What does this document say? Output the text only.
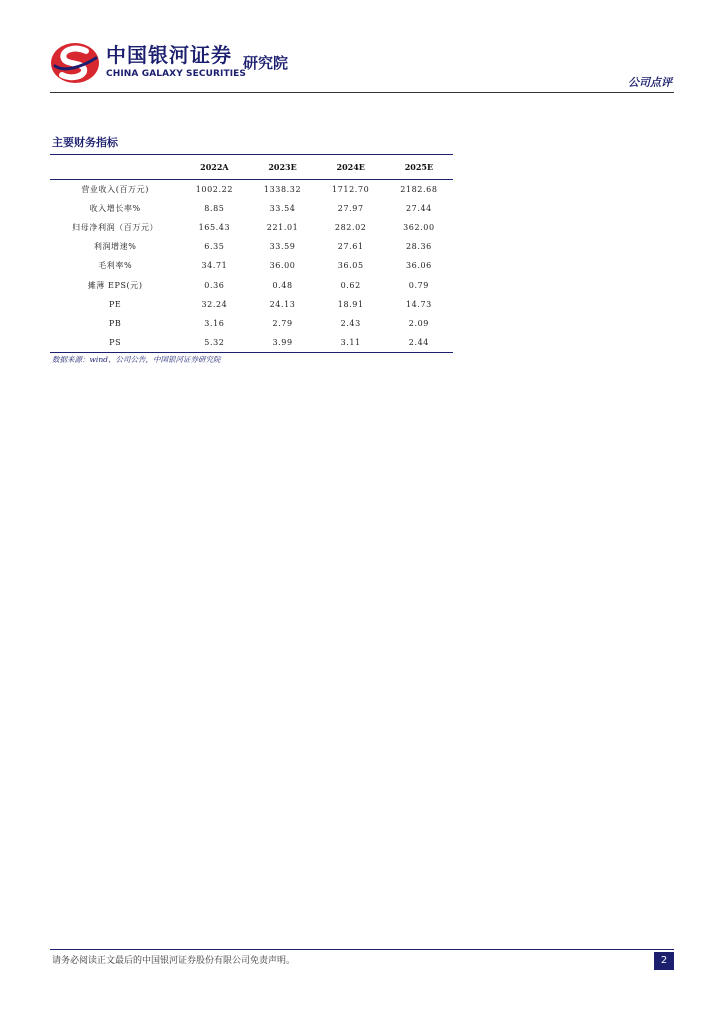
中国银河证券
CHINA GALAXY SECURITIES
研究院
公司点评
主要财务指标
	2022A	2023E	2024E	2025E
营业收入(百万元)	1002.22	1338.32	1712.70	2182.68
收入增长率%	8.85	33.54	27.97	27.44
归母净利润（百万元）	165.43	221.01	282.02	362.00
利润增速%	6.35	33.59	27.61	28.36
毛利率%	34.71	36.00	36.05	36.06
摊薄 EPS(元)	0.36	0.48	0.62	0.79
PE	32.24	24.13	18.91	14.73
PB	3.16	2.79	2.43	2.09
PS	5.32	3.99	3.11	2.44
数据来源：wind、公司公告，中国银河证券研究院
请务必阅读正文最后的中国银河证券股份有限公司免责声明。	2
